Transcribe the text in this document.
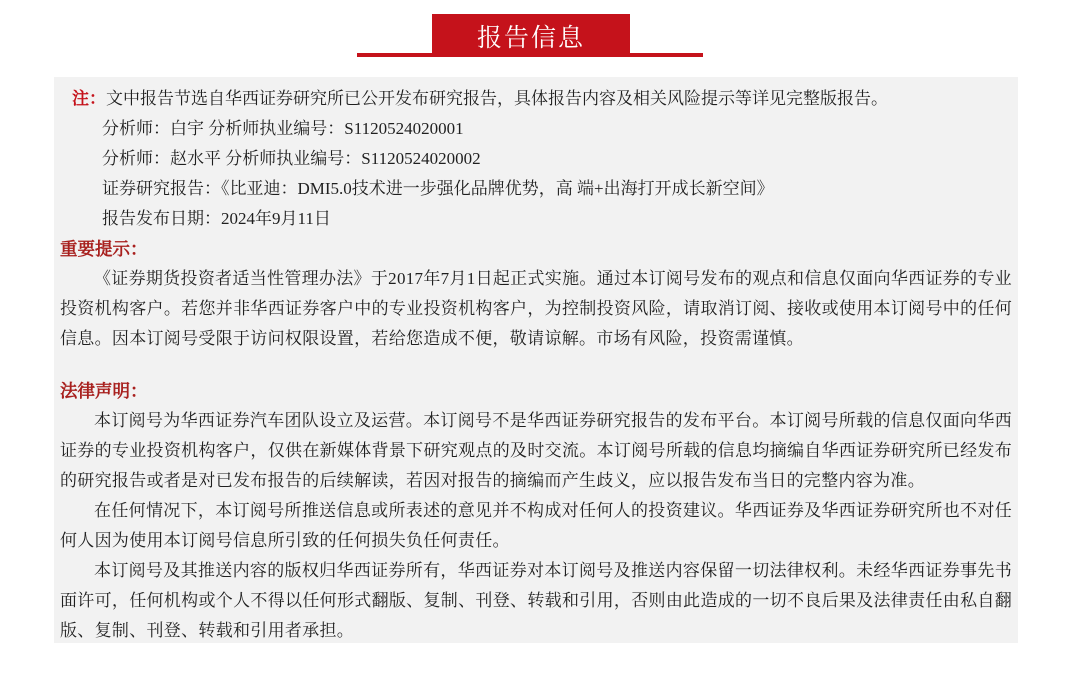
报告信息
注：文中报告节选自华西证券研究所已公开发布研究报告，具体报告内容及相关风险提示等详见完整版报告。
分析师：白宇 分析师执业编号：S1120524020001
分析师：赵水平 分析师执业编号：S1120524020002
证券研究报告：《比亚迪：DMI5.0技术进一步强化品牌优势，高 端+出海打开成长新空间》
报告发布日期：2024年9月11日
重要提示：

《证券期货投资者适当性管理办法》于2017年7月1日起正式实施。通过本订阅号发布的观点和信息仅面向华西证券的专业投资机构客户。若您并非华西证券客户中的专业投资机构客户，为控制投资风险，请取消订阅、接收或使用本订阅号中的任何信息。因本订阅号受限于访问权限设置，若给您造成不便，敬请谅解。市场有风险，投资需谨慎。

法律声明：

本订阅号为华西证券汽车团队设立及运营。本订阅号不是华西证券研究报告的发布平台。本订阅号所载的信息仅面向华西证券的专业投资机构客户，仅供在新媒体背景下研究观点的及时交流。本订阅号所载的信息均摘编自华西证券研究所已经发布的研究报告或者是对已发布报告的后续解读，若因对报告的摘编而产生歧义，应以报告发布当日的完整内容为准。

在任何情况下，本订阅号所推送信息或所表述的意见并不构成对任何人的投资建议。华西证券及华西证券研究所也不对任何人因为使用本订阅号信息所引致的任何损失负任何责任。

本订阅号及其推送内容的版权归华西证券所有，华西证券对本订阅号及推送内容保留一切法律权利。未经华西证券事先书面许可，任何机构或个人不得以任何形式翻版、复制、刊登、转载和引用，否则由此造成的一切不良后果及法律责任由私自翻版、复制、刊登、转载和引用者承担。
